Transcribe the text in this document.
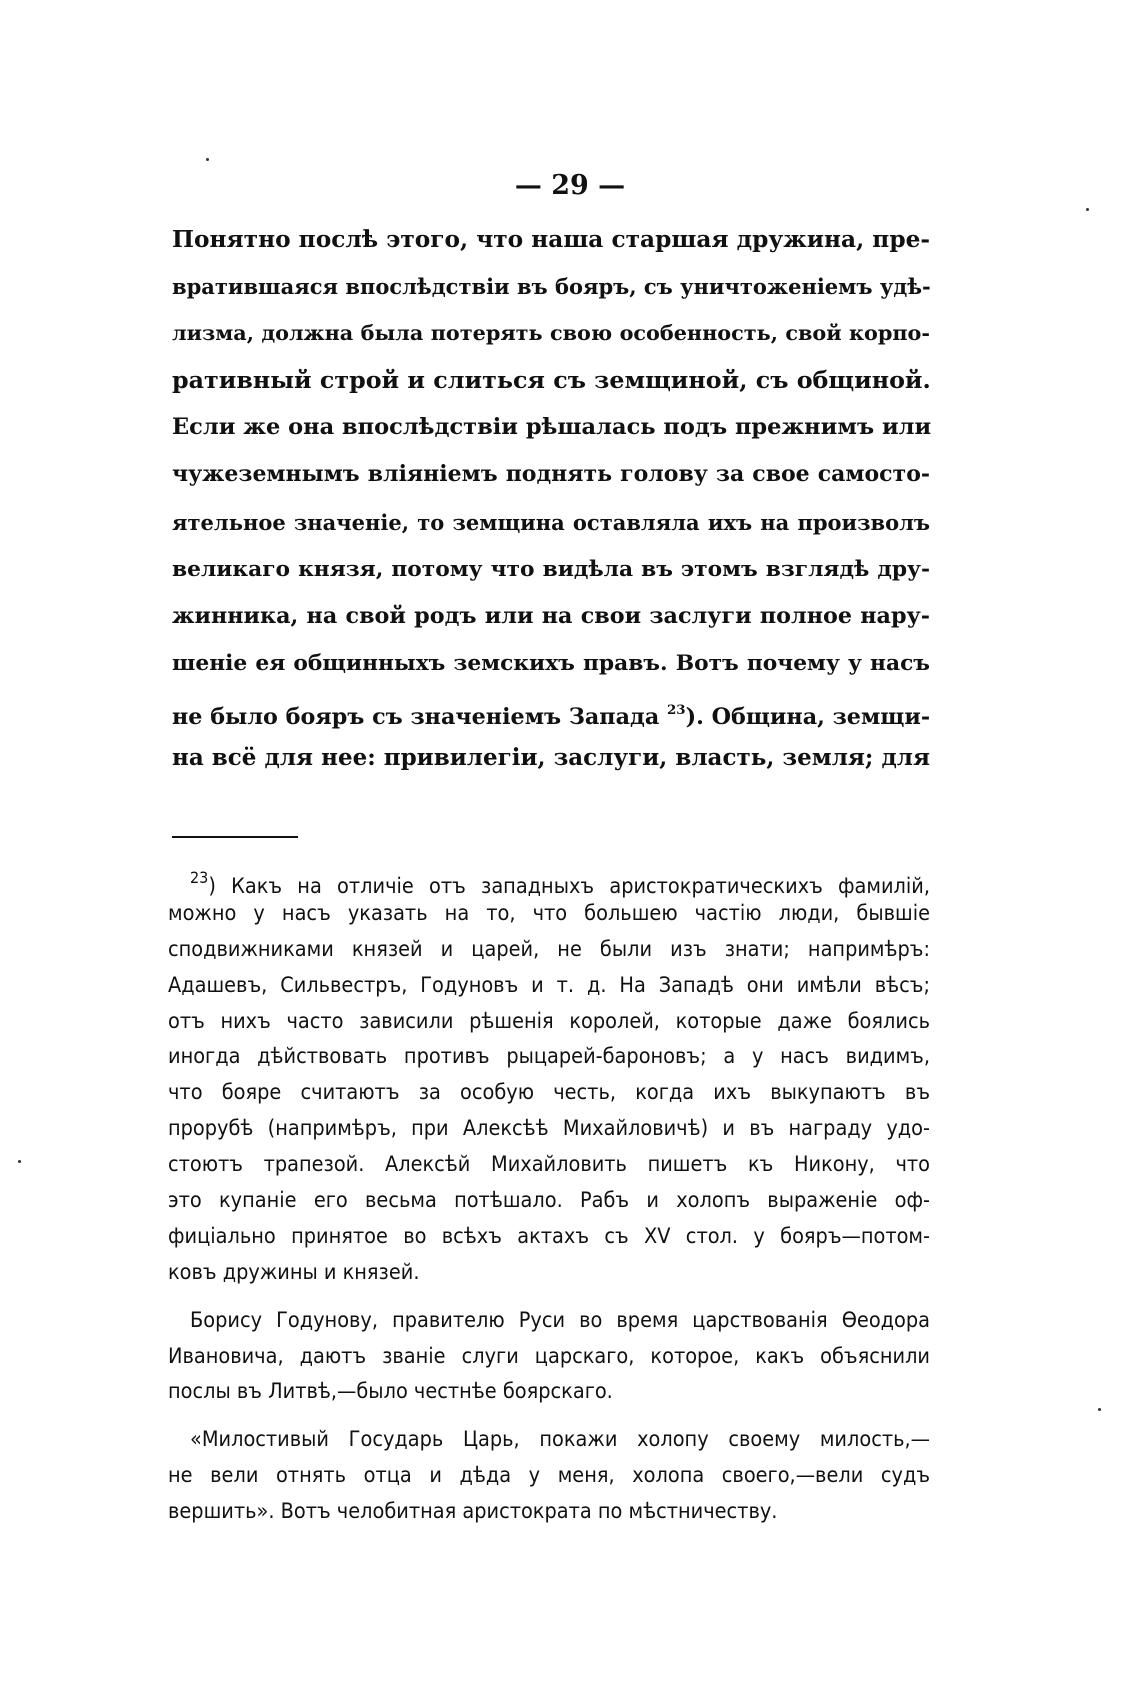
— 29 —
Понятно послѣ этого, что наша старшая дружина, пре-
вратившаяся впослѣдствіи въ бояръ, съ уничтоженіемъ удѣ-
лизма, должна была потерять свою особенность, свой корпо-
ративный строй и слиться съ земщиной, съ общиной.
Если же она впослѣдствіи рѣшалась подъ прежнимъ или
чужеземнымъ вліяніемъ поднять голову за свое самосто-
ятельное значеніе, то земщина оставляла ихъ на произволъ
великаго князя, потому что видѣла въ этомъ взглядѣ дру-
жинника, на свой родъ или на свои заслуги полное нару-
шеніе ея общинныхъ земскихъ правъ. Вотъ почему у насъ
не было бояръ съ значеніемъ Запада $^{23}$). Община, земщи-
на всё для нее: привилегіи, заслуги, власть, земля; для
$^{23}$) Какъ на отличіе отъ западныхъ аристократическихъ фамилій,
можно у насъ указать на то, что большею частію люди, бывшіе
сподвижниками князей и царей, не были изъ знати; напримѣръ:
Адашевъ, Сильвестръ, Годуновъ и т. д. На Западѣ они имѣли вѣсъ;
отъ нихъ часто зависили рѣшенія королей, которые даже боялись
иногда дѣйствовать противъ рыцарей-бароновъ; а у насъ видимъ,
что бояре считаютъ за особую честь, когда ихъ выкупаютъ въ
прорубѣ (напримѣръ, при Алексѣѣ Михайловичѣ) и въ награду удо-
стоютъ трапезой. Алексѣй Михайловить пишетъ къ Никону, что
это купаніе его весьма потѣшало. Рабъ и холопъ выраженіе оф-
фиціально принятое во всѣхъ актахъ съ XV стол. у бояръ—потом-
ковъ дружины и князей.
Борису Годунову, правителю Руси во время царствованія Ѳеодора
Ивановича, даютъ званіе слуги царскаго, которое, какъ объяснили
послы въ Литвѣ,—было честнѣе боярскаго.
«Милостивый Государь Царь, покажи холопу своему милость,—
не вели отнять отца и дѣда у меня, холопа своего,—вели судъ
вершить». Вотъ челобитная аристократа по мѣстничеству.
